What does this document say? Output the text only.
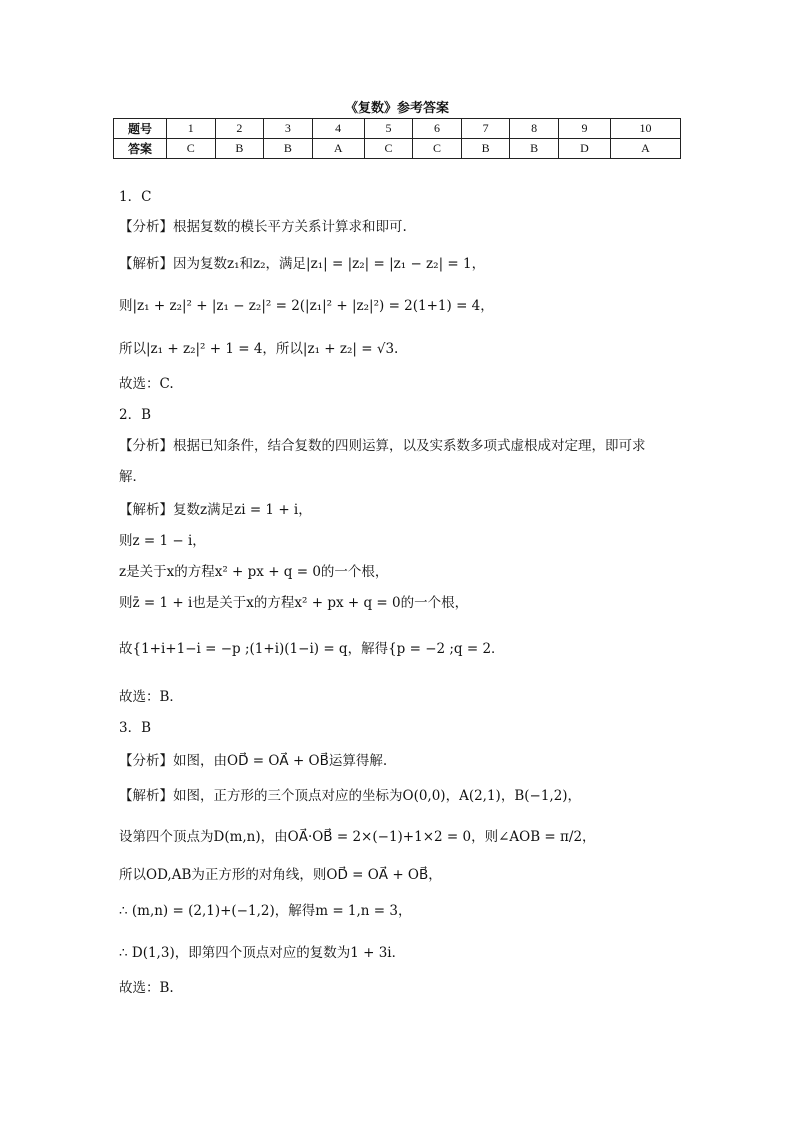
《复数》参考答案
题号	1	2	3	4	5	6	7	8	9	10
答案	C	B	B	A	C	C	B	B	D	A
1．C
【分析】根据复数的模长平方关系计算求和即可.
【解析】因为复数z₁和z₂，满足|z₁| = |z₂| = |z₁ − z₂| = 1，
则|z₁ + z₂|² + |z₁ − z₂|² = 2(|z₁|² + |z₂|²) = 2(1+1) = 4，
所以|z₁ + z₂|² + 1 = 4，所以|z₁ + z₂| = √3.
故选：C.
2．B
【分析】根据已知条件，结合复数的四则运算，以及实系数多项式虚根成对定理，即可求
解．
【解析】复数z满足zi = 1 + i，
则z = 1 − i，
z是关于x的方程x² + px + q = 0的一个根，
则z̄ = 1 + i也是关于x的方程x² + px + q = 0的一个根，
故{1+i+1−i = −p ;(1+i)(1−i) = q，解得{p = −2 ;q = 2．
故选：B．
3．B
【分析】如图，由OD⃗ = OA⃗ + OB⃗运算得解.
【解析】如图，正方形的三个顶点对应的坐标为O(0,0)，A(2,1)，B(−1,2)，
设第四个顶点为D(m,n)，由OA⃗·OB⃗ = 2×(−1)+1×2 = 0，则∠AOB = π/2，
所以OD,AB为正方形的对角线，则OD⃗ = OA⃗ + OB⃗，
∴ (m,n) = (2,1)+(−1,2)，解得m = 1,n = 3，
∴ D(1,3)，即第四个顶点对应的复数为1 + 3i．
故选：B.
